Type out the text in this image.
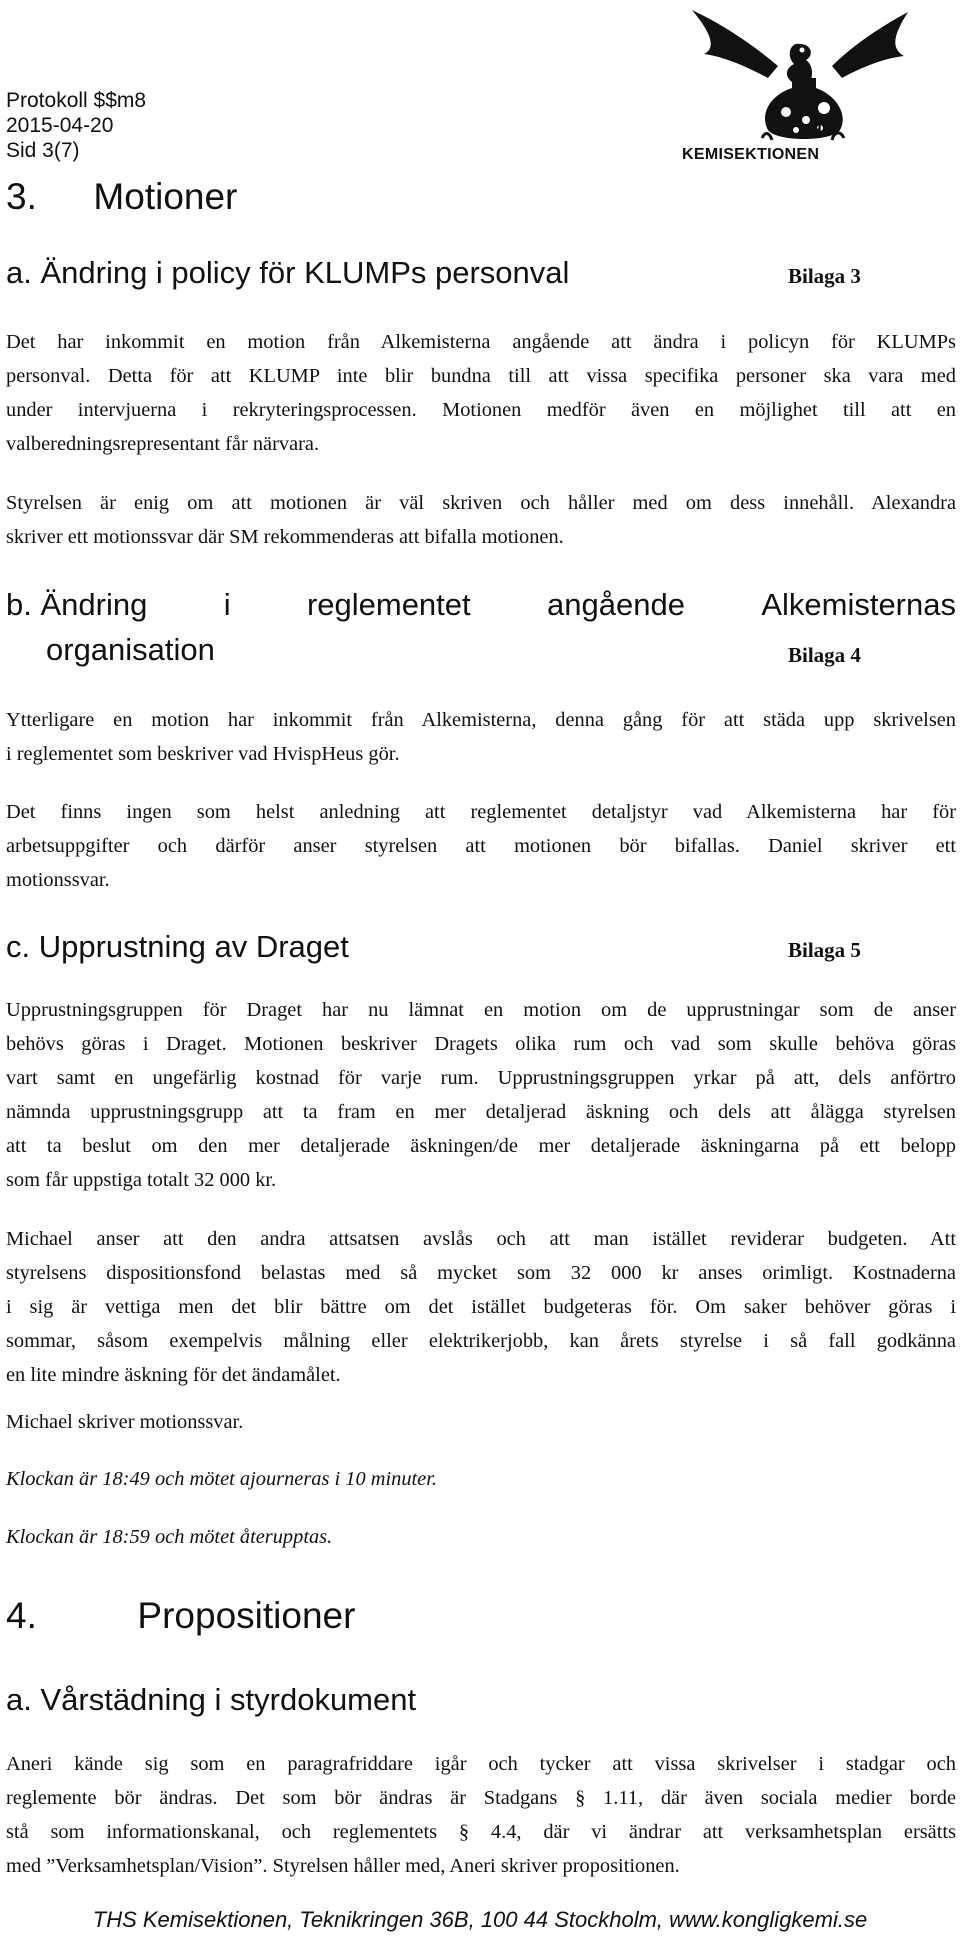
Protokoll $$m8
2015-04-20
Sid 3(7)
THS
KEMISEKTIONEN
3. Motioner
a. Ändring i policy för KLUMPs personval	Bilaga 3
Det har inkommit en motion från Alkemisterna angående att ändra i policyn för KLUMPs
personval. Detta för att KLUMP inte blir bundna till att vissa specifika personer ska vara med
under intervjuerna i rekryteringsprocessen. Motionen medför även en möjlighet till att en
valberedningsrepresentant får närvara.
Styrelsen är enig om att motionen är väl skriven och håller med om dess innehåll. Alexandra
skriver ett motionssvar där SM rekommenderas att bifalla motionen.
b. Ändring i reglementet angående Alkemisternas
organisation	Bilaga 4
Ytterligare en motion har inkommit från Alkemisterna, denna gång för att städa upp skrivelsen
i reglementet som beskriver vad HvispHeus gör.
Det finns ingen som helst anledning att reglementet detaljstyr vad Alkemisterna har för
arbetsuppgifter och därför anser styrelsen att motionen bör bifallas. Daniel skriver ett
motionssvar.
c. Upprustning av Draget	Bilaga 5
Upprustningsgruppen för Draget har nu lämnat en motion om de upprustningar som de anser
behövs göras i Draget. Motionen beskriver Dragets olika rum och vad som skulle behöva göras
vart samt en ungefärlig kostnad för varje rum. Upprustningsgruppen yrkar på att, dels anförtro
nämnda upprustningsgrupp att ta fram en mer detaljerad äskning och dels att ålägga styrelsen
att ta beslut om den mer detaljerade äskningen/de mer detaljerade äskningarna på ett belopp
som får uppstiga totalt 32 000 kr.
Michael anser att den andra attsatsen avslås och att man istället reviderar budgeten. Att
styrelsens dispositionsfond belastas med så mycket som 32 000 kr anses orimligt. Kostnaderna
i sig är vettiga men det blir bättre om det istället budgeteras för. Om saker behöver göras i
sommar, såsom exempelvis målning eller elektrikerjobb, kan årets styrelse i så fall godkänna
en lite mindre äskning för det ändamålet.
Michael skriver motionssvar.
Klockan är 18:49 och mötet ajourneras i 10 minuter.
Klockan är 18:59 och mötet återupptas.
4.	Propositioner
a. Vårstädning i styrdokument
Aneri kände sig som en paragrafriddare igår och tycker att vissa skrivelser i stadgar och
reglemente bör ändras. Det som bör ändras är Stadgans § 1.11, där även sociala medier borde
stå som informationskanal, och reglementets § 4.4, där vi ändrar att verksamhetsplan ersätts
med ”Verksamhetsplan/Vision”. Styrelsen håller med, Aneri skriver propositionen.
THS Kemisektionen, Teknikringen 36B, 100 44 Stockholm, www.kongligkemi.se
